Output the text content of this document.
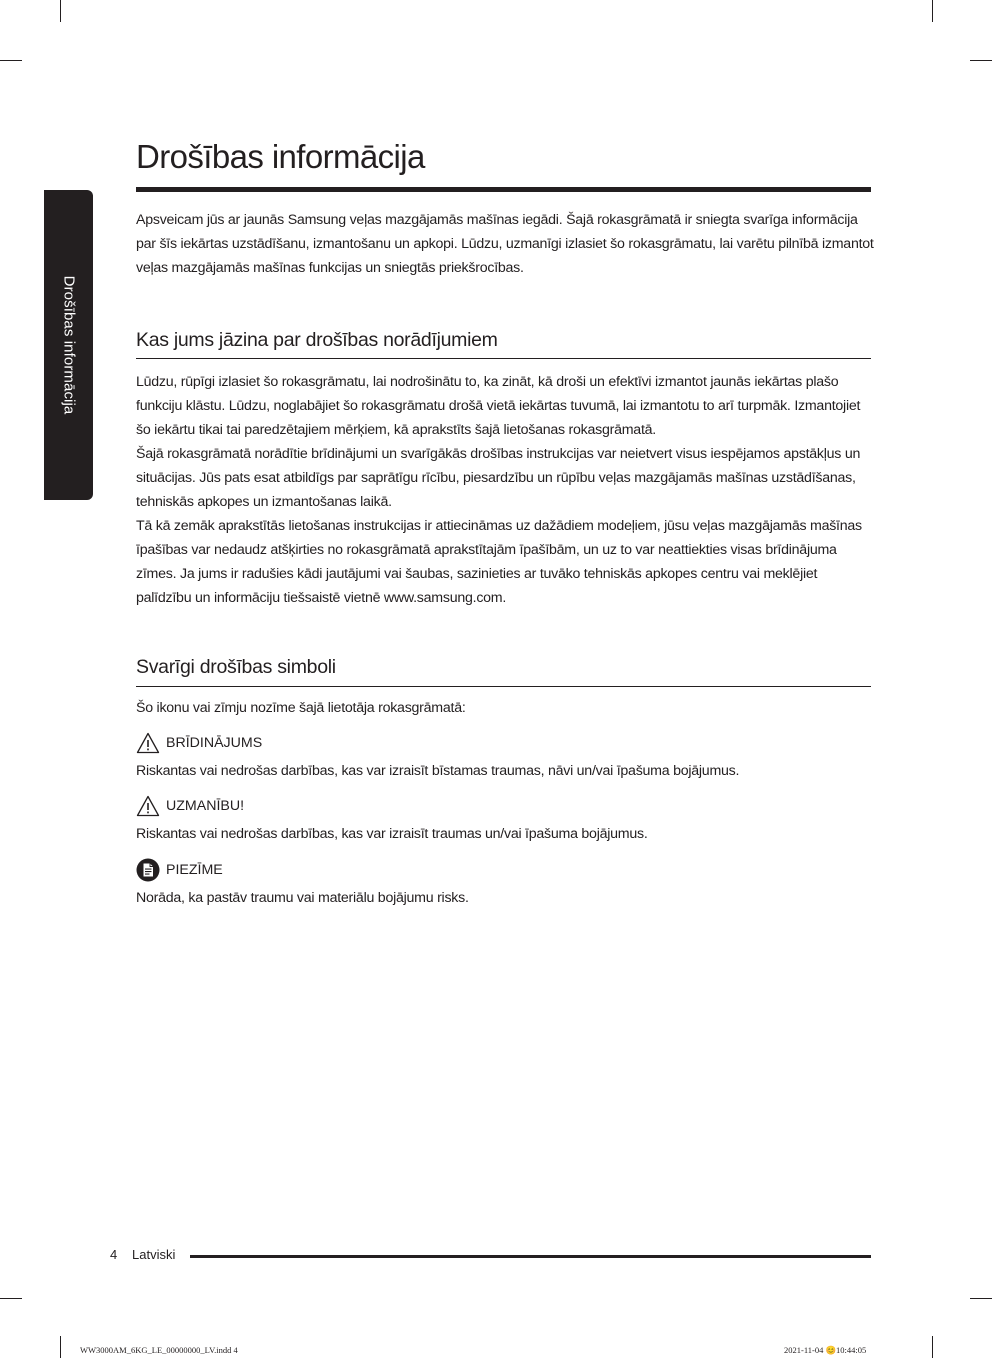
Drošības informācija
Drošības informācija
Apsveicam jūs ar jaunās Samsung veļas mazgājamās mašīnas iegādi. Šajā rokasgrāmatā ir sniegta svarīga informācija par šīs iekārtas uzstādīšanu, izmantošanu un apkopi. Lūdzu, uzmanīgi izlasiet šo rokasgrāmatu, lai varētu pilnībā izmantot veļas mazgājamās mašīnas funkcijas un sniegtās priekšrocības.
Kas jums jāzina par drošības norādījumiem

Lūdzu, rūpīgi izlasiet šo rokasgrāmatu, lai nodrošinātu to, ka zināt, kā droši un efektīvi izmantot jaunās iekārtas plašo funkciju klāstu. Lūdzu, noglabājiet šo rokasgrāmatu drošā vietā iekārtas tuvumā, lai izmantotu to arī turpmāk. Izmantojiet šo iekārtu tikai tai paredzētajiem mērķiem, kā aprakstīts šajā lietošanas rokasgrāmatā.

Šajā rokasgrāmatā norādītie brīdinājumi un svarīgākās drošības instrukcijas var neietvert visus iespējamos apstākļus un situācijas. Jūs pats esat atbildīgs par saprātīgu rīcību, piesardzību un rūpību veļas mazgājamās mašīnas uzstādīšanas, tehniskās apkopes un izmantošanas laikā.

Tā kā zemāk aprakstītās lietošanas instrukcijas ir attiecināmas uz dažādiem modeļiem, jūsu veļas mazgājamās mašīnas īpašības var nedaudz atšķirties no rokasgrāmatā aprakstītajām īpašībām, un uz to var neattiekties visas brīdinājuma zīmes. Ja jums ir radušies kādi jautājumi vai šaubas, sazinieties ar tuvāko tehniskās apkopes centru vai meklējiet palīdzību un informāciju tiešsaistē vietnē www.samsung.com.

Svarīgi drošības simboli

Šo ikonu vai zīmju nozīme šajā lietotāja rokasgrāmatā:

BRĪDINĀJUMS

Riskantas vai nedrošas darbības, kas var izraisīt bīstamas traumas, nāvi un/vai īpašuma bojājumus.

UZMANĪBU!

Riskantas vai nedrošas darbības, kas var izraisīt traumas un/vai īpašuma bojājumus.

PIEZĪME

Norāda, ka pastāv traumu vai materiālu bojājumu risks.

4 Latviski
WW3000AM_6KG_LE_00000000_LV.indd 4	2021-11-04 😊10:44:05
